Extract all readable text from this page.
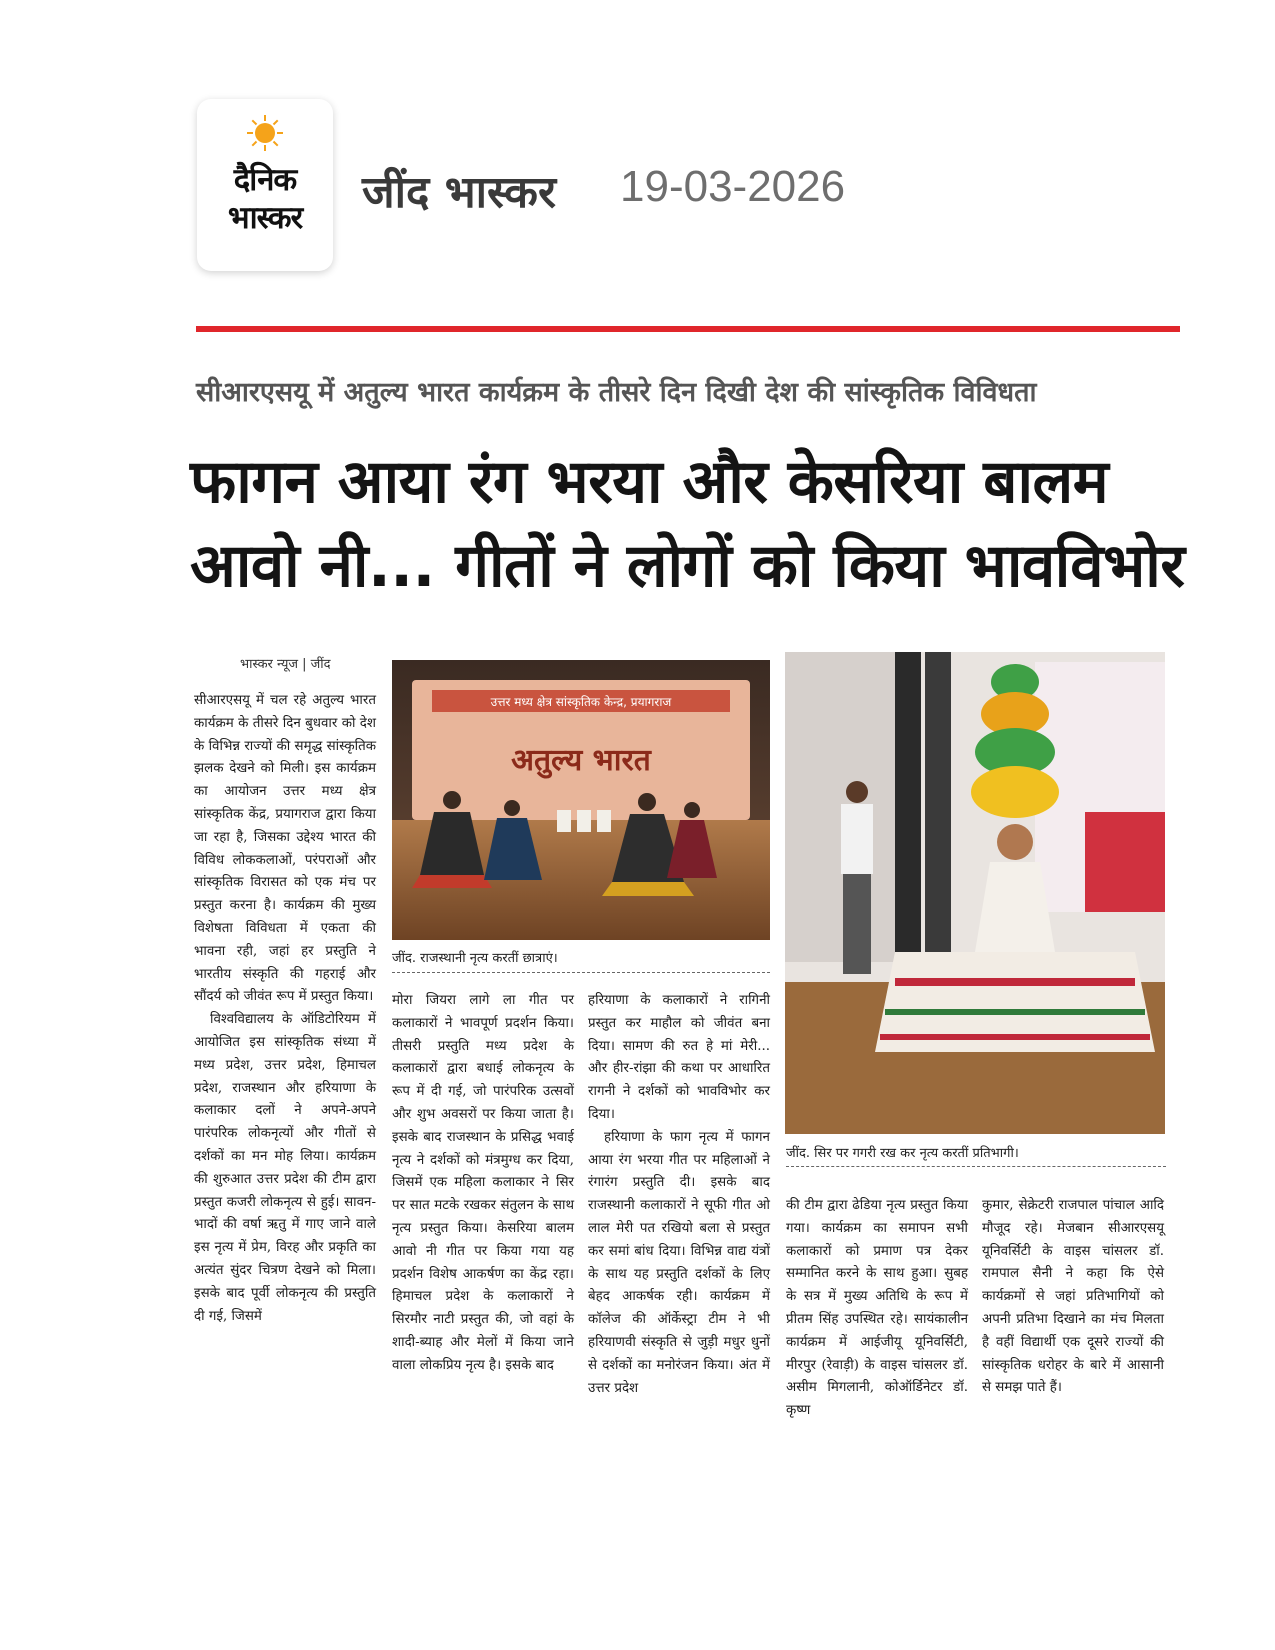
दैनिक
भास्कर	जींद भास्कर 19-03-2026
सीआरएसयू में अतुल्य भारत कार्यक्रम के तीसरे दिन दिखी देश की सांस्कृतिक विविधता
फागन आया रंग भरया और केसरिया बालम
आवो नी... गीतों ने लोगों को किया भावविभोर
भास्कर न्यूज | जींद
उत्तर मध्य क्षेत्र सांस्कृतिक केन्द्र, प्रयागराज
अतुल्य भारत
जींद. राजस्थानी नृत्य करतीं छात्राएं।
जींद. सिर पर गगरी रख कर नृत्य करतीं प्रतिभागी।

सीआरएसयू में चल रहे अतुल्य भारत कार्यक्रम के तीसरे दिन बुधवार को देश के विभिन्न राज्यों की समृद्ध सांस्कृतिक झलक देखने को मिली। इस कार्यक्रम का आयोजन उत्तर मध्य क्षेत्र सांस्कृतिक केंद्र, प्रयागराज द्वारा किया जा रहा है, जिसका उद्देश्य भारत की विविध लोककलाओं, परंपराओं और सांस्कृतिक विरासत को एक मंच पर प्रस्तुत करना है। कार्यक्रम की मुख्य विशेषता विविधता में एकता की भावना रही, जहां हर प्रस्तुति ने भारतीय संस्कृति की गहराई और सौंदर्य को जीवंत रूप में प्रस्तुत किया।

विश्वविद्यालय के ऑडिटोरियम में आयोजित इस सांस्कृतिक संध्या में मध्य प्रदेश, उत्तर प्रदेश, हिमाचल प्रदेश, राजस्थान और हरियाणा के कलाकार दलों ने अपने-अपने पारंपरिक लोकनृत्यों और गीतों से दर्शकों का मन मोह लिया। कार्यक्रम की शुरुआत उत्तर प्रदेश की टीम द्वारा प्रस्तुत कजरी लोकनृत्य से हुई। सावन-भादों की वर्षा ऋतु में गाए जाने वाले इस नृत्य में प्रेम, विरह और प्रकृति का अत्यंत सुंदर चित्रण देखने को मिला। इसके बाद पूर्वी लोकनृत्य की प्रस्तुति दी गई, जिसमें

मोरा जियरा लागे ला गीत पर कलाकारों ने भावपूर्ण प्रदर्शन किया। तीसरी प्रस्तुति मध्य प्रदेश के कलाकारों द्वारा बधाई लोकनृत्य के रूप में दी गई, जो पारंपरिक उत्सवों और शुभ अवसरों पर किया जाता है। इसके बाद राजस्थान के प्रसिद्ध भवाई नृत्य ने दर्शकों को मंत्रमुग्ध कर दिया, जिसमें एक महिला कलाकार ने सिर पर सात मटके रखकर संतुलन के साथ नृत्य प्रस्तुत किया। केसरिया बालम आवो नी गीत पर किया गया यह प्रदर्शन विशेष आकर्षण का केंद्र रहा। हिमाचल प्रदेश के कलाकारों ने सिरमौर नाटी प्रस्तुत की, जो वहां के शादी-ब्याह और मेलों में किया जाने वाला लोकप्रिय नृत्य है। इसके बाद

हरियाणा के कलाकारों ने रागिनी प्रस्तुत कर माहौल को जीवंत बना दिया। सामण की रुत हे मां मेरी... और हीर-रांझा की कथा पर आधारित रागनी ने दर्शकों को भावविभोर कर दिया।

हरियाणा के फाग नृत्य में फागन आया रंग भरया गीत पर महिलाओं ने रंगारंग प्रस्तुति दी। इसके बाद राजस्थानी कलाकारों ने सूफी गीत ओ लाल मेरी पत रखियो बला से प्रस्तुत कर समां बांध दिया। विभिन्न वाद्य यंत्रों के साथ यह प्रस्तुति दर्शकों के लिए बेहद आकर्षक रही। कार्यक्रम में कॉलेज की ऑर्केस्ट्रा टीम ने भी हरियाणवी संस्कृति से जुड़ी मधुर धुनों से दर्शकों का मनोरंजन किया। अंत में उत्तर प्रदेश

की टीम द्वारा ढेडिया नृत्य प्रस्तुत किया गया। कार्यक्रम का समापन सभी कलाकारों को प्रमाण पत्र देकर सम्मानित करने के साथ हुआ। सुबह के सत्र में मुख्य अतिथि के रूप में प्रीतम सिंह उपस्थित रहे। सायंकालीन कार्यक्रम में आईजीयू यूनिवर्सिटी, मीरपुर (रेवाड़ी) के वाइस चांसलर डॉ. असीम मिगलानी, कोऑर्डिनेटर डॉ. कृष्ण

कुमार, सेक्रेटरी राजपाल पांचाल आदि मौजूद रहे। मेजबान सीआरएसयू यूनिवर्सिटी के वाइस चांसलर डॉ. रामपाल सैनी ने कहा कि ऐसे कार्यक्रमों से जहां प्रतिभागियों को अपनी प्रतिभा दिखाने का मंच मिलता है वहीं विद्यार्थी एक दूसरे राज्यों की सांस्कृतिक धरोहर के बारे में आसानी से समझ पाते हैं।
